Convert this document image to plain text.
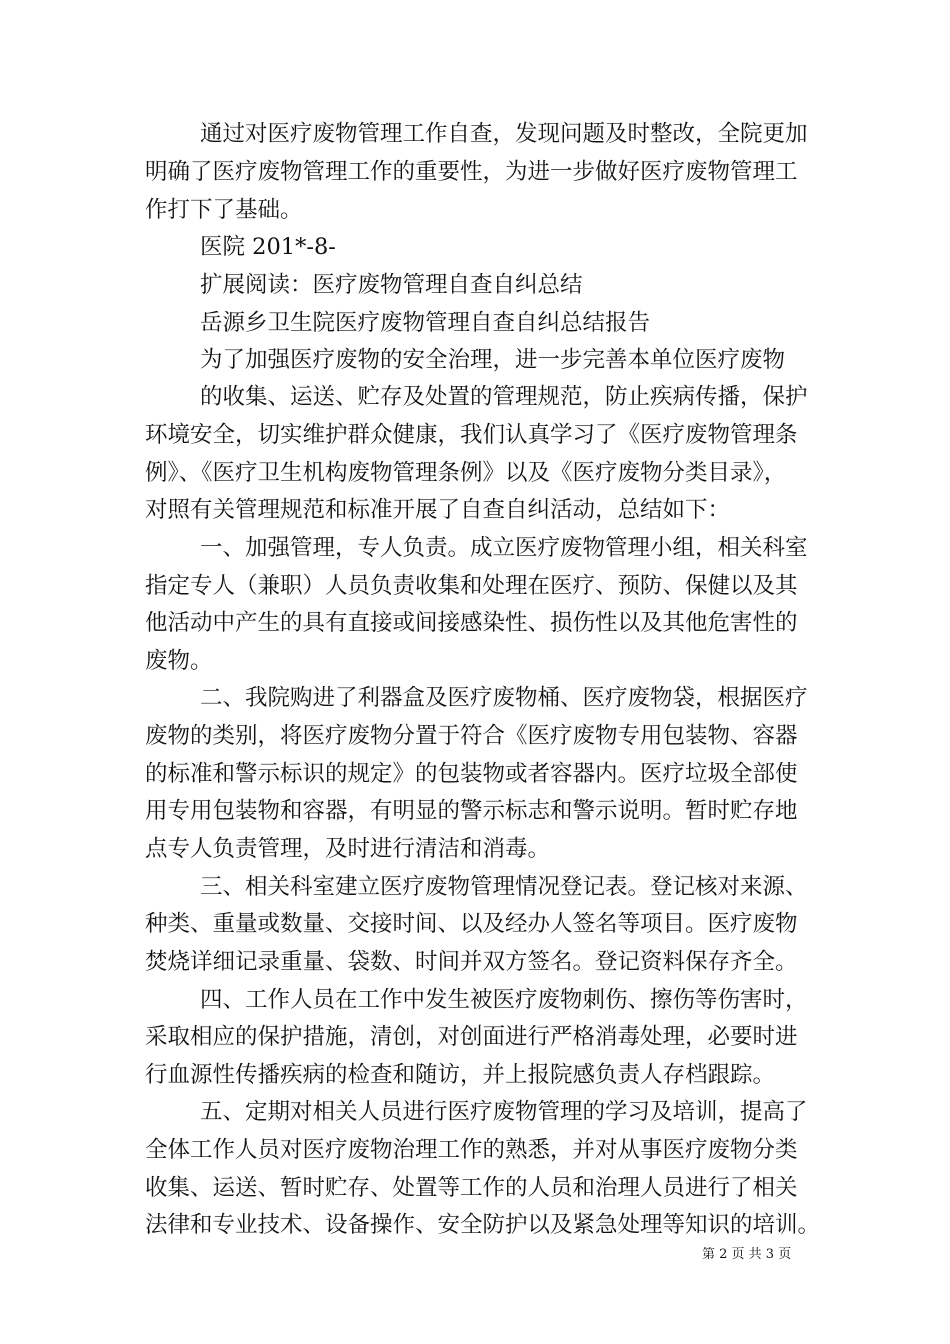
通过对医疗废物管理工作自查，发现问题及时整改，全院更加

明确了医疗废物管理工作的重要性，为进一步做好医疗废物管理工

作打下了基础。

医院 201*-8-

扩展阅读：医疗废物管理自查自纠总结

岳源乡卫生院医疗废物管理自查自纠总结报告

为了加强医疗废物的安全治理，进一步完善本单位医疗废物

的收集、运送、贮存及处置的管理规范，防止疾病传播，保护

环境安全，切实维护群众健康，我们认真学习了《医疗废物管理条

例》、《医疗卫生机构废物管理条例》以及《医疗废物分类目录》，

对照有关管理规范和标准开展了自查自纠活动，总结如下：

一、加强管理，专人负责。成立医疗废物管理小组，相关科室

指定专人（兼职）人员负责收集和处理在医疗、预防、保健以及其

他活动中产生的具有直接或间接感染性、损伤性以及其他危害性的

废物。

二、我院购进了利器盒及医疗废物桶、医疗废物袋，根据医疗

废物的类别，将医疗废物分置于符合《医疗废物专用包装物、容器

的标准和警示标识的规定》的包装物或者容器内。医疗垃圾全部使

用专用包装物和容器，有明显的警示标志和警示说明。暂时贮存地

点专人负责管理，及时进行清洁和消毒。

三、相关科室建立医疗废物管理情况登记表。登记核对来源、

种类、重量或数量、交接时间、以及经办人签名等项目。医疗废物

焚烧详细记录重量、袋数、时间并双方签名。登记资料保存齐全。

四、工作人员在工作中发生被医疗废物刺伤、擦伤等伤害时，

采取相应的保护措施，清创，对创面进行严格消毒处理，必要时进

行血源性传播疾病的检查和随访，并上报院感负责人存档跟踪。

五、定期对相关人员进行医疗废物管理的学习及培训，提高了

全体工作人员对医疗废物治理工作的熟悉，并对从事医疗废物分类

收集、运送、暂时贮存、处置等工作的人员和治理人员进行了相关

法律和专业技术、设备操作、安全防护以及紧急处理等知识的培训。

第 2 页 共 3 页
